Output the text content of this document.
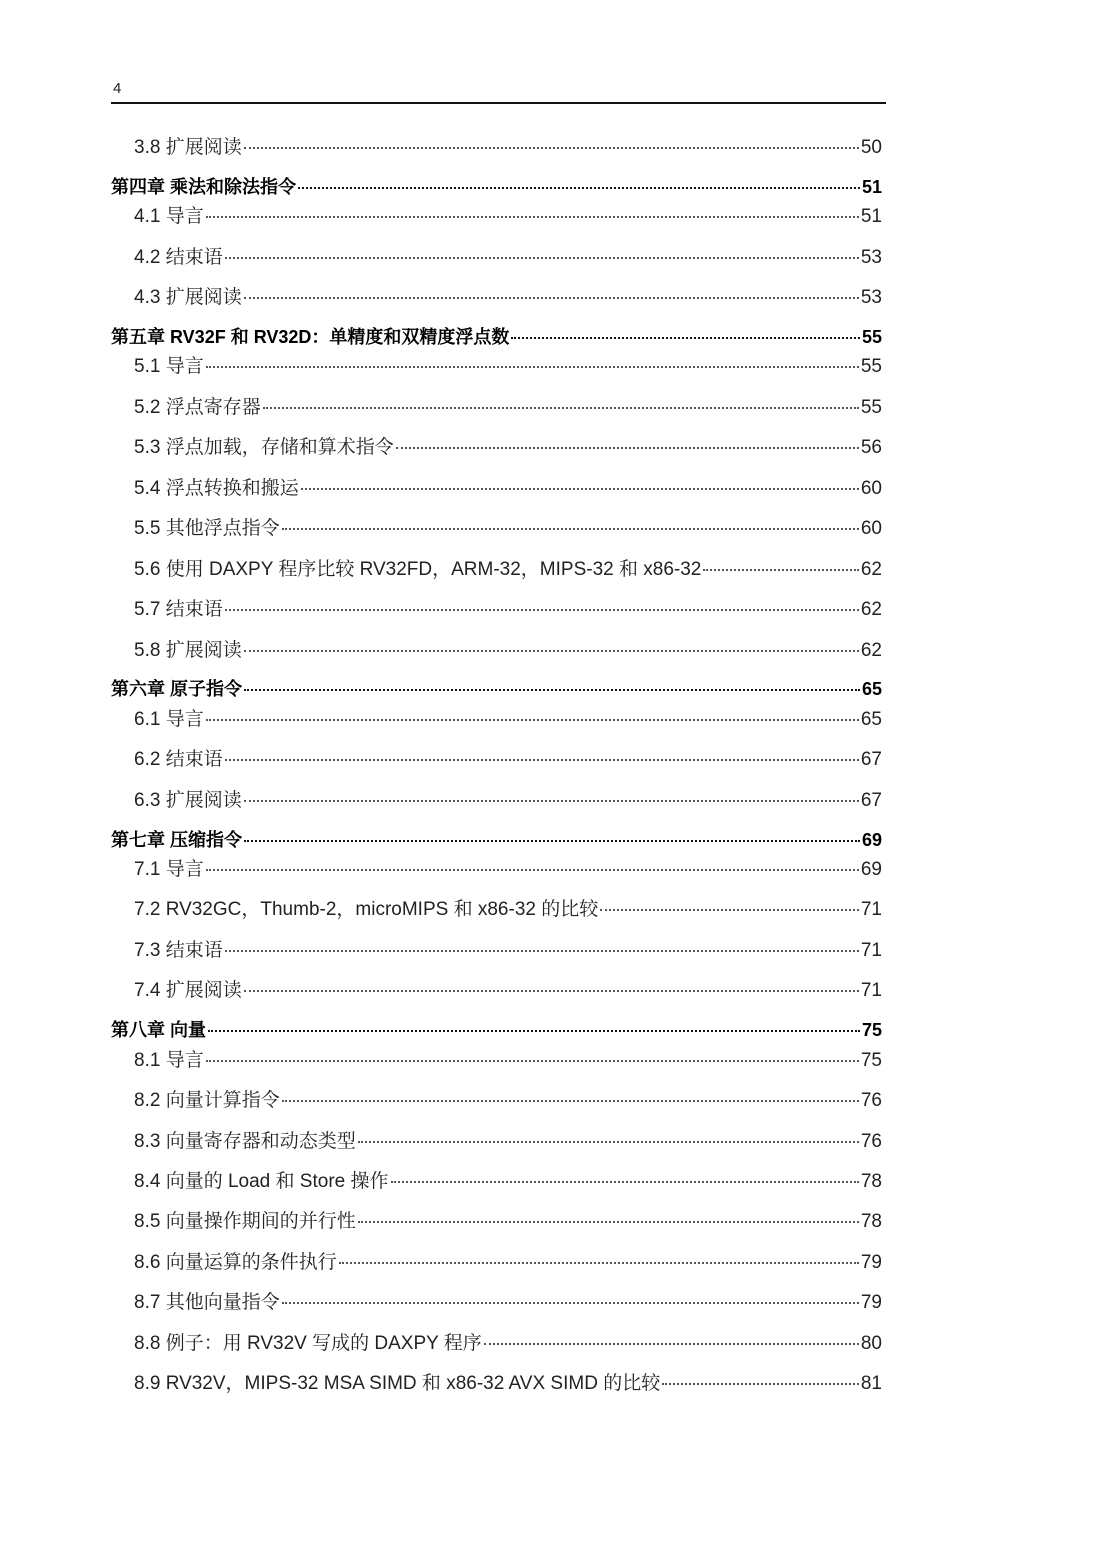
4
3.8 扩展阅读	50
第四章 乘法和除法指令	51
4.1 导言	51
4.2 结束语	53
4.3 扩展阅读	53
第五章 RV32F 和 RV32D：单精度和双精度浮点数	55
5.1 导言	55
5.2 浮点寄存器	55
5.3 浮点加载，存储和算术指令	56
5.4 浮点转换和搬运	60
5.5 其他浮点指令	60
5.6 使用 DAXPY 程序比较 RV32FD，ARM-32，MIPS-32 和 x86-32	62
5.7 结束语	62
5.8 扩展阅读	62
第六章 原子指令	65
6.1 导言	65
6.2 结束语	67
6.3 扩展阅读	67
第七章 压缩指令	69
7.1 导言	69
7.2 RV32GC，Thumb-2，microMIPS 和 x86-32 的比较	71
7.3 结束语	71
7.4 扩展阅读	71
第八章 向量	75
8.1 导言	75
8.2 向量计算指令	76
8.3 向量寄存器和动态类型	76
8.4 向量的 Load 和 Store 操作	78
8.5 向量操作期间的并行性	78
8.6 向量运算的条件执行	79
8.7 其他向量指令	79
8.8 例子：用 RV32V 写成的 DAXPY 程序	80
8.9 RV32V，MIPS-32 MSA SIMD 和 x86-32 AVX SIMD 的比较	81
